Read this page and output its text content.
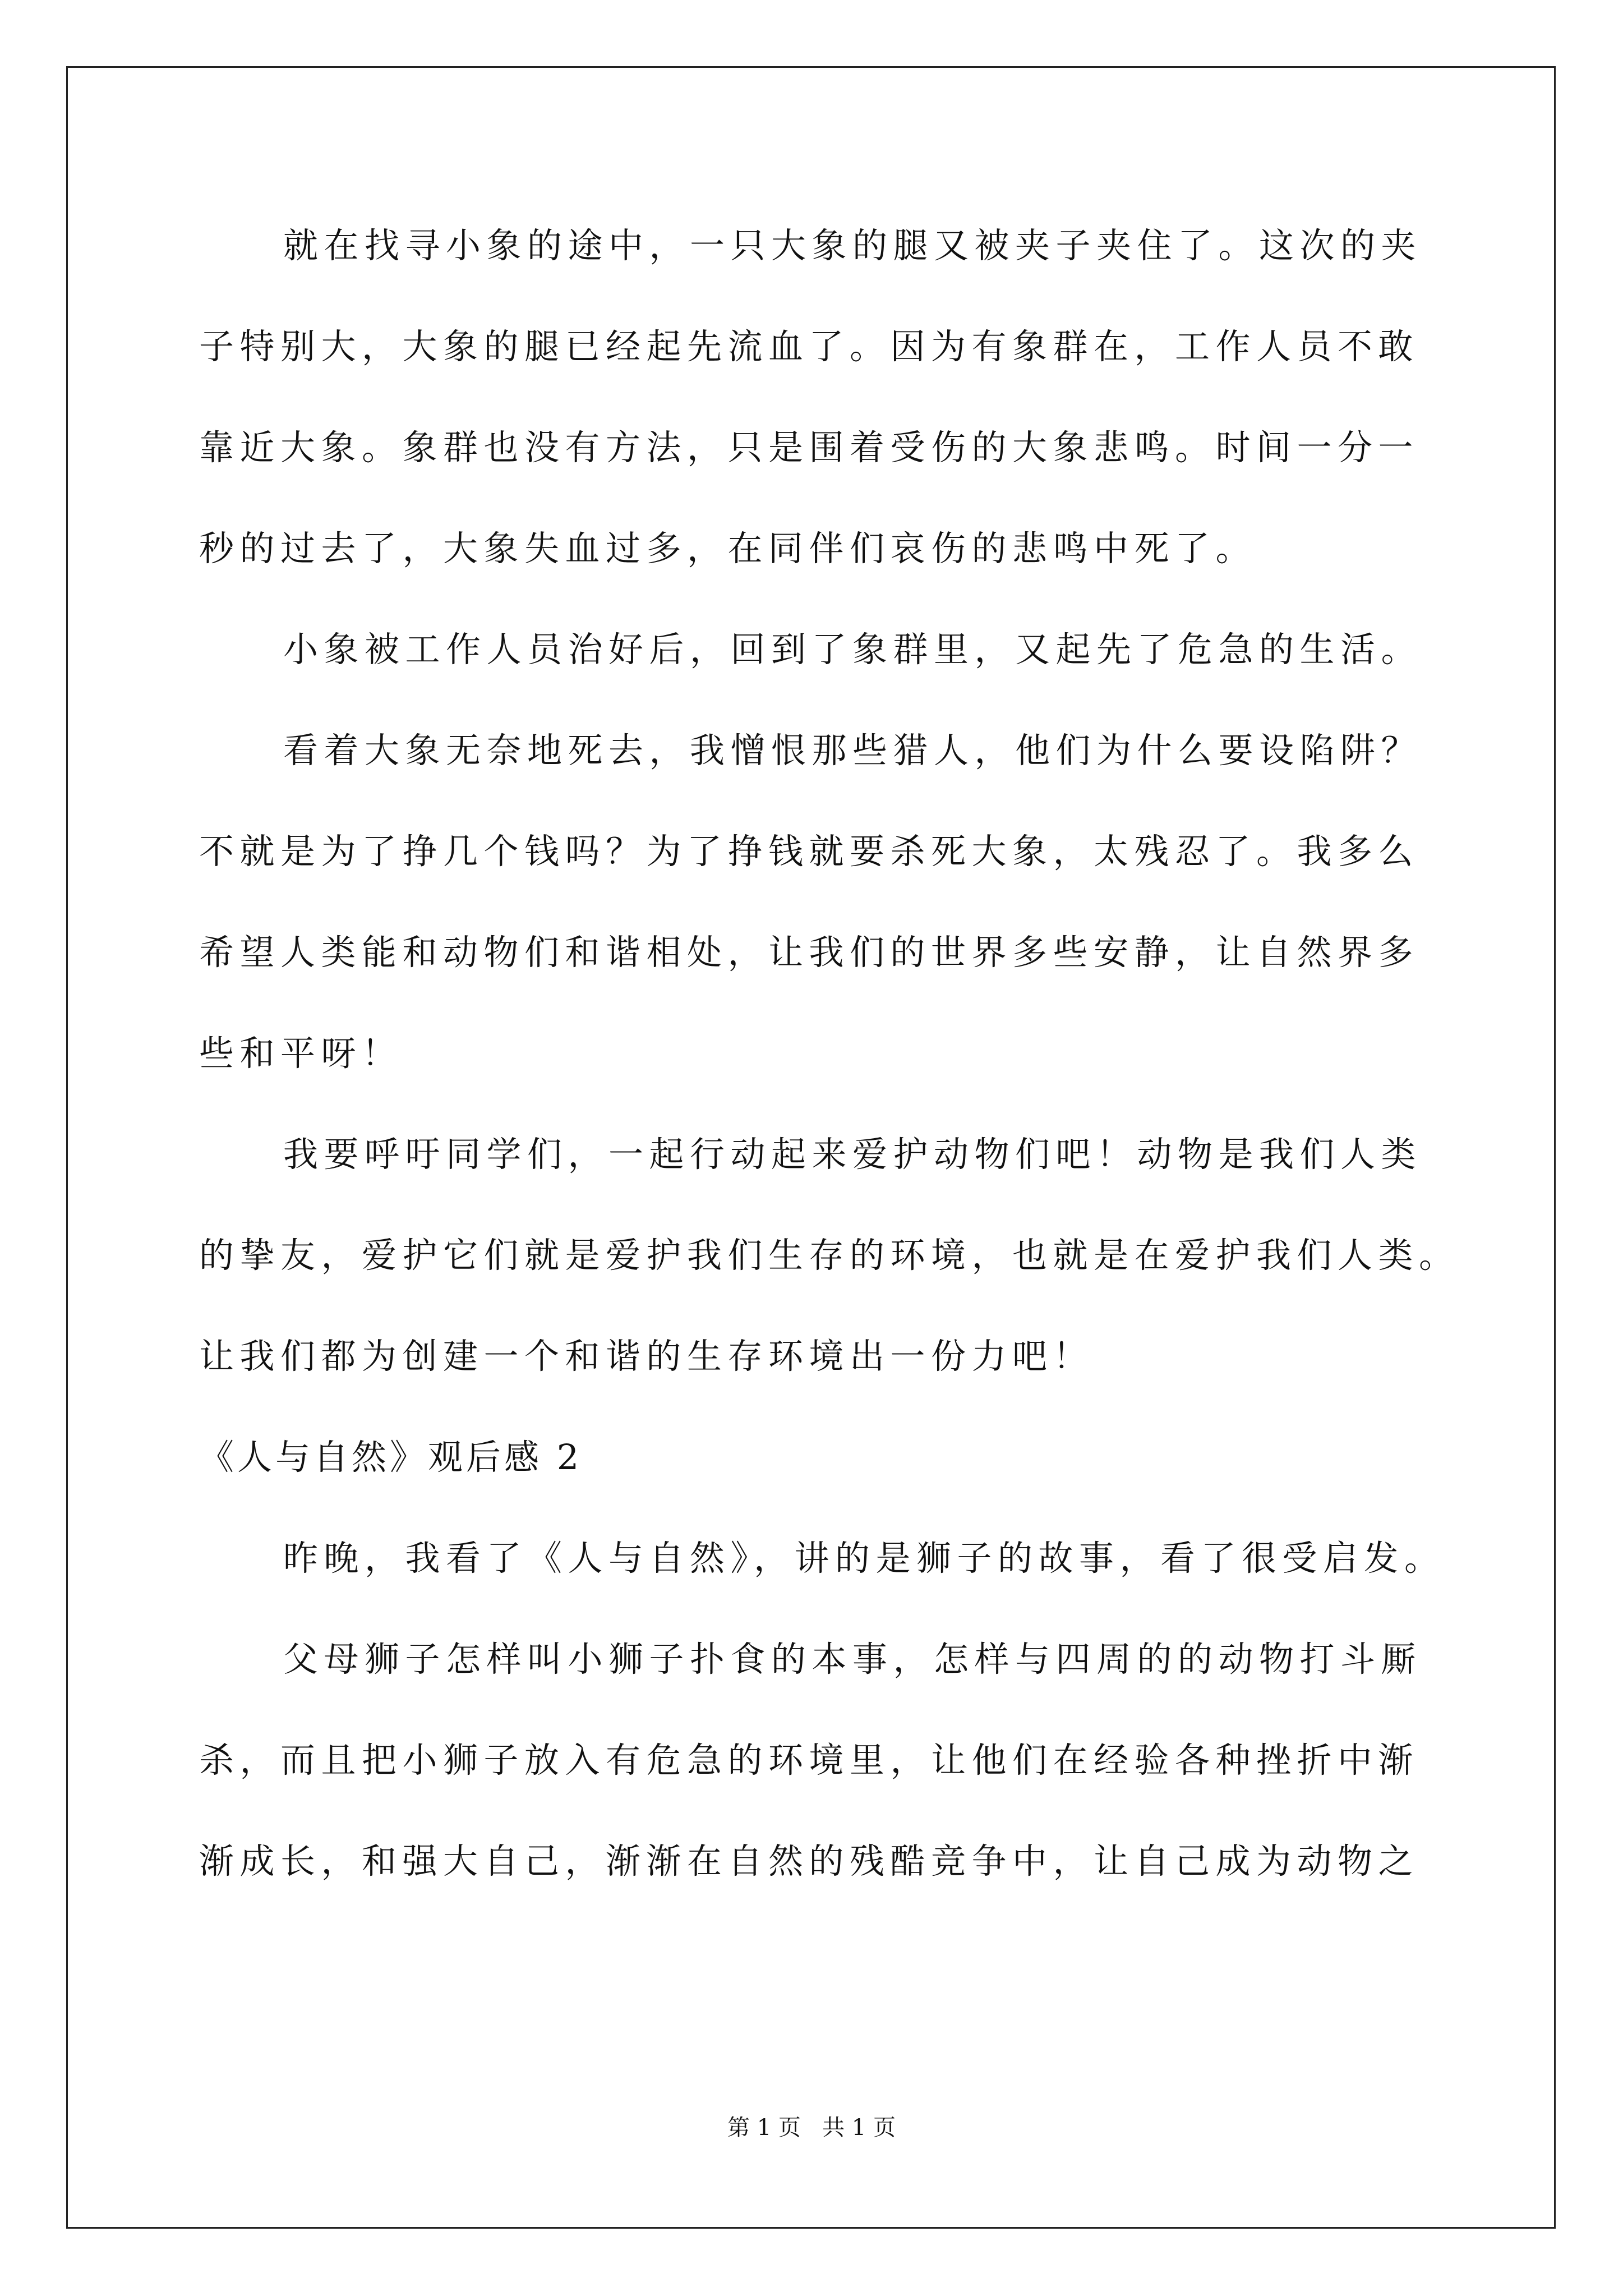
就在找寻小象的途中，一只大象的腿又被夹子夹住了。这次的夹
子特别大，大象的腿已经起先流血了。因为有象群在，工作人员不敢
靠近大象。象群也没有方法，只是围着受伤的大象悲鸣。时间一分一
秒的过去了，大象失血过多，在同伴们哀伤的悲鸣中死了。
小象被工作人员治好后，回到了象群里，又起先了危急的生活。
看着大象无奈地死去，我憎恨那些猎人，他们为什么要设陷阱？
不就是为了挣几个钱吗？为了挣钱就要杀死大象，太残忍了。我多么
希望人类能和动物们和谐相处，让我们的世界多些安静，让自然界多
些和平呀！
我要呼吁同学们，一起行动起来爱护动物们吧！动物是我们人类
的挚友，爱护它们就是爱护我们生存的环境，也就是在爱护我们人类。
让我们都为创建一个和谐的生存环境出一份力吧！
《人与自然》观后感 2
昨晚，我看了《人与自然》，讲的是狮子的故事，看了很受启发。
父母狮子怎样叫小狮子扑食的本事，怎样与四周的的动物打斗厮
杀，而且把小狮子放入有危急的环境里，让他们在经验各种挫折中渐
渐成长，和强大自己，渐渐在自然的残酷竞争中，让自己成为动物之
第 1 页   共 1 页
